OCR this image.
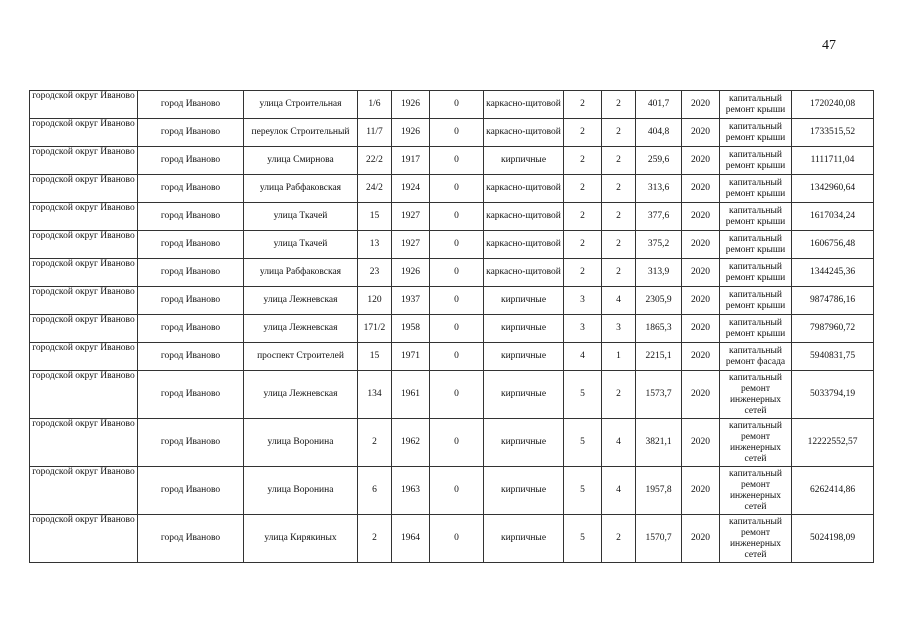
47
городской округ Иваново	город Иваново	улица Строительная	1/6	1926	0	каркасно-щитовой	2	2	401,7	2020	капитальный ремонт крыши	1720240,08
городской округ Иваново	город Иваново	переулок Строительный	11/7	1926	0	каркасно-щитовой	2	2	404,8	2020	капитальный ремонт крыши	1733515,52
городской округ Иваново	город Иваново	улица Смирнова	22/2	1917	0	кирпичные	2	2	259,6	2020	капитальный ремонт крыши	1111711,04
городской округ Иваново	город Иваново	улица Рабфаковская	24/2	1924	0	каркасно-щитовой	2	2	313,6	2020	капитальный ремонт крыши	1342960,64
городской округ Иваново	город Иваново	улица Ткачей	15	1927	0	каркасно-щитовой	2	2	377,6	2020	капитальный ремонт крыши	1617034,24
городской округ Иваново	город Иваново	улица Ткачей	13	1927	0	каркасно-щитовой	2	2	375,2	2020	капитальный ремонт крыши	1606756,48
городской округ Иваново	город Иваново	улица Рабфаковская	23	1926	0	каркасно-щитовой	2	2	313,9	2020	капитальный ремонт крыши	1344245,36
городской округ Иваново	город Иваново	улица Лежневская	120	1937	0	кирпичные	3	4	2305,9	2020	капитальный ремонт крыши	9874786,16
городской округ Иваново	город Иваново	улица Лежневская	171/2	1958	0	кирпичные	3	3	1865,3	2020	капитальный ремонт крыши	7987960,72
городской округ Иваново	город Иваново	проспект Строителей	15	1971	0	кирпичные	4	1	2215,1	2020	капитальный ремонт фасада	5940831,75
городской округ Иваново	город Иваново	улица Лежневская	134	1961	0	кирпичные	5	2	1573,7	2020	капитальный ремонт инженерных сетей	5033794,19
городской округ Иваново	город Иваново	улица Воронина	2	1962	0	кирпичные	5	4	3821,1	2020	капитальный ремонт инженерных сетей	12222552,57
городской округ Иваново	город Иваново	улица Воронина	6	1963	0	кирпичные	5	4	1957,8	2020	капитальный ремонт инженерных сетей	6262414,86
городской округ Иваново	город Иваново	улица Кирякиных	2	1964	0	кирпичные	5	2	1570,7	2020	капитальный ремонт инженерных сетей	5024198,09
